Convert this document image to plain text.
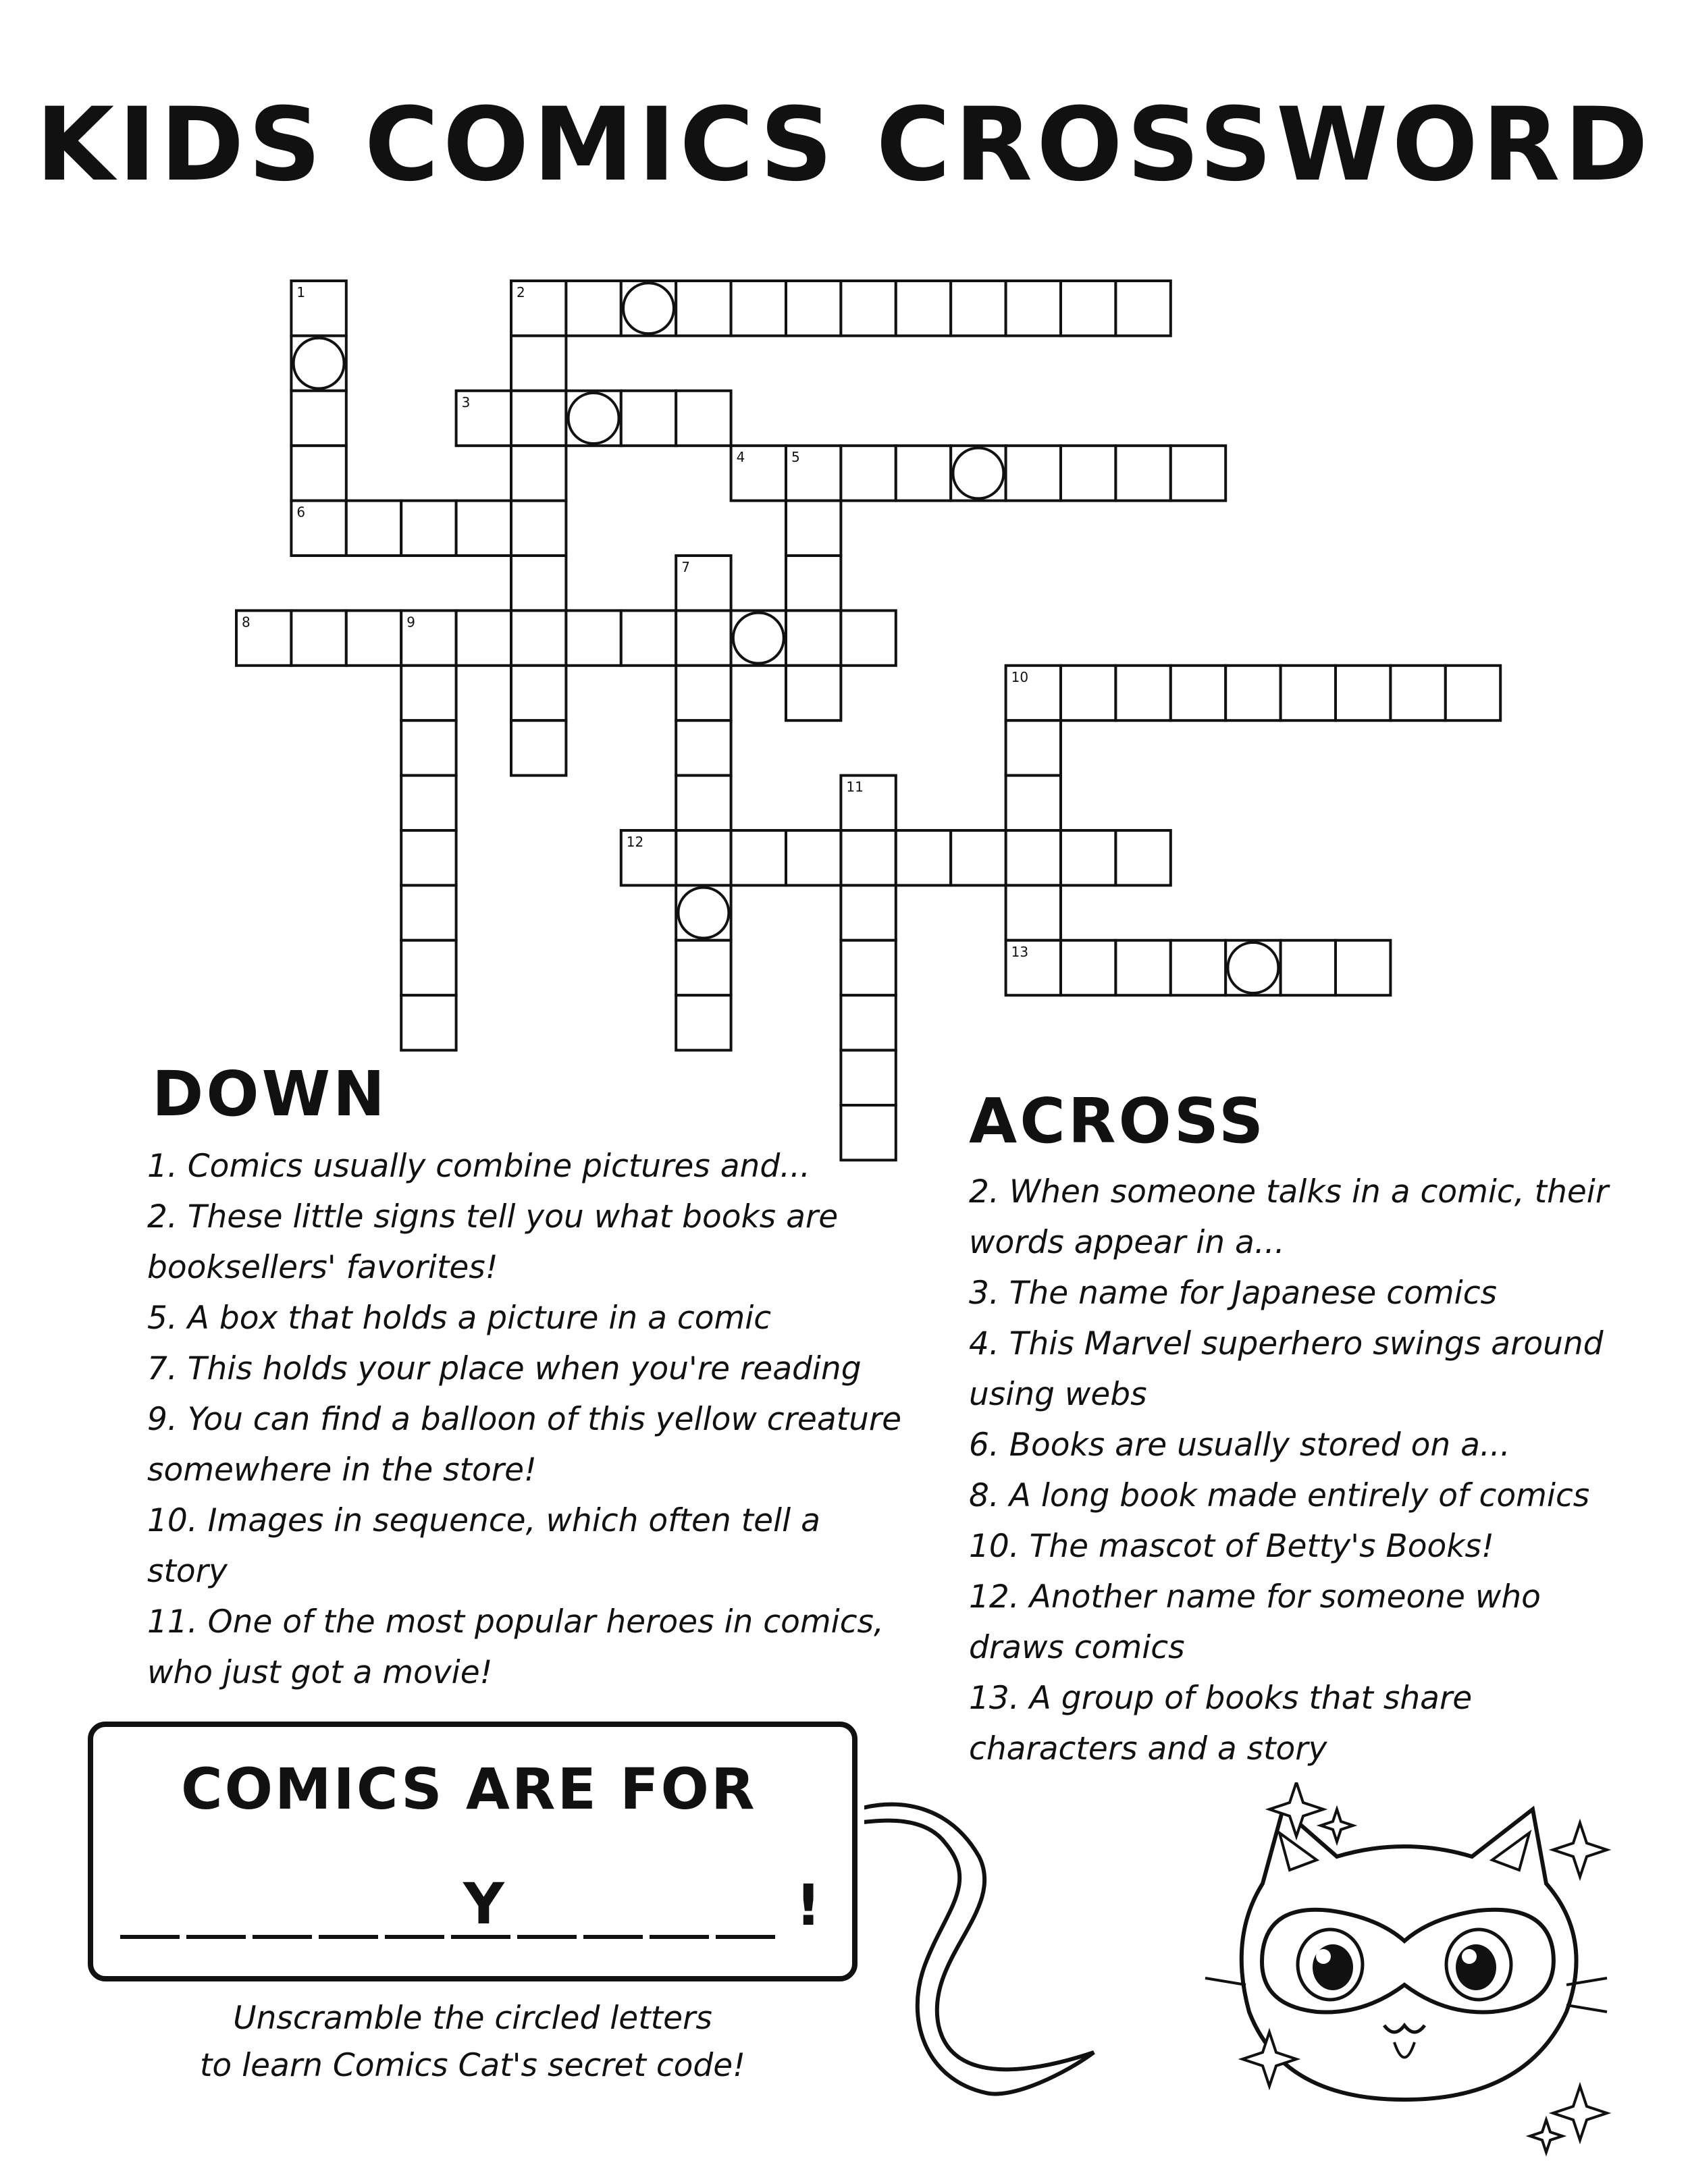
KIDS COMICS CROSSWORD
1
6
2
3
4	5
8	9
7
10
11
12
13
DOWN
1. Comics usually combine pictures and...
2. These little signs tell you what books are
booksellers' favorites!
5. A box that holds a picture in a comic
7. This holds your place when you're reading
9. You can find a balloon of this yellow creature
somewhere in the store!
10. Images in sequence, which often tell a story
11. One of the most popular heroes in comics,
who just got a movie!
ACROSS
2. When someone talks in a comic, their
words appear in a...
3. The name for Japanese comics
4. This Marvel superhero swings around
using webs
6. Books are usually stored on a...
8. A long book made entirely of comics
10. The mascot of Betty's Books!
12. Another name for someone who
draws comics
13. A group of books that share
characters and a story
COMICS ARE FOR
Y	!

Unscramble the circled letters
to learn Comics Cat's secret code!
